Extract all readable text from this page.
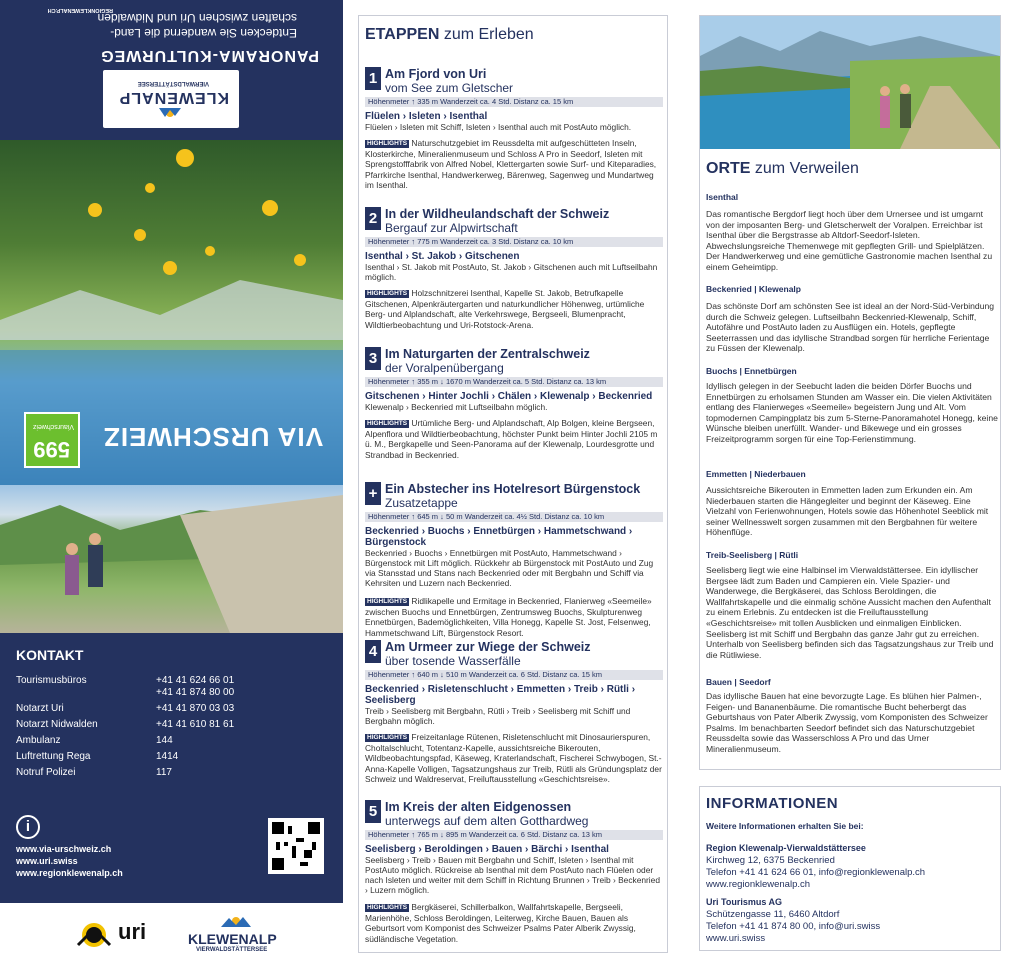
Entdecken Sie wandernd die Land-
schaften zwischen Uri und Nidwalden
PANORAMA-KULTURWEG
REGIONKLEWENALP.CH
KLEWENALP
VIERWALDSTÄTTERSEE
VIA URSCHWEIZ
599
Viaurschweiz
KONTAKT
Tourismusbüros	+41 41 624 66 01
+41 41 874 80 00
Notarzt Uri	+41 41 870 03 03
Notarzt Nidwalden	+41 41 610 81 61
Ambulanz	144
Luftrettung Rega	1414
Notruf Polizei	117
i
www.via-urschweiz.ch
www.uri.swiss
www.regionklewenalp.ch
uri	KLEWENALP
VIERWALDSTÄTTERSEE
ETAPPEN zum Erleben
1 Am Fjord von Uri
vom See zum Gletscher
Höhenmeter ↑ 335 m Wanderzeit ca. 4 Std. Distanz ca. 15 km
Flüelen › Isleten › Isenthal
Flüelen › Isleten mit Schiff, Isleten › Isenthal auch mit PostAuto möglich.
HIGHLIGHTS Naturschutzgebiet im Reussdelta mit aufgeschütteten Inseln, Klosterkirche, Mineralienmuseum und Schloss A Pro in Seedorf, Isleten mit Sprengstofffabrik von Alfred Nobel, Klettergarten sowie Surf- und Kiteparadies, Pfarrkirche Isenthal, Handwerkerweg, Bärenweg, Sagenweg und Mundartweg im Isenthal.
2 In der Wildheulandschaft der Schweiz
Bergauf zur Alpwirtschaft
Höhenmeter ↑ 775 m Wanderzeit ca. 3 Std. Distanz ca. 10 km
Isenthal › St. Jakob › Gitschenen
Isenthal › St. Jakob mit PostAuto, St. Jakob › Gitschenen auch mit Luftseilbahn möglich.
HIGHLIGHTS Holzschnitzerei Isenthal, Kapelle St. Jakob, Betrufkapelle Gitschenen, Alpenkräutergarten und naturkundlicher Höhenweg, urtümliche Berg- und Alplandschaft, alte Verkehrswege, Bergseeli, Blumenpracht, Wildtierbeobachtung und Uri-Rotstock-Arena.
3 Im Naturgarten der Zentralschweiz
der Voralpenübergang
Höhenmeter ↑ 355 m ↓ 1670 m Wanderzeit ca. 5 Std. Distanz ca. 13 km
Gitschenen › Hinter Jochli › Chälen › Klewenalp › Beckenried
Klewenalp › Beckenried mit Luftseilbahn möglich.
HIGHLIGHTS Urtümliche Berg- und Alplandschaft, Alp Bolgen, kleine Bergseen, Alpenflora und Wildtierbeobachtung, höchster Punkt beim Hinter Jochli 2105 m ü. M., Bergkapelle und Seen-Panorama auf der Klewenalp, Lourdesgrotte und Strandbad in Beckenried.
+ Ein Abstecher ins Hotelresort Bürgenstock
Zusatzetappe
Höhenmeter ↑ 645 m ↓ 50 m Wanderzeit ca. 4½ Std. Distanz ca. 10 km
Beckenried › Buochs › Ennetbürgen › Hammetschwand › Bürgenstock
Beckenried › Buochs › Ennetbürgen mit PostAuto, Hammetschwand › Bürgenstock mit Lift möglich. Rückkehr ab Bürgenstock mit PostAuto und Zug via Stansstad und Stans nach Beckenried oder mit Bergbahn und Schiff via Kehrsiten und Luzern nach Beckenried.
HIGHLIGHTS Ridlikapelle und Ermitage in Beckenried, Flanierweg «Seemeile» zwischen Buochs und Ennetbürgen, Zentrumsweg Buochs, Skulpturenweg Ennetbürgen, Bademöglichkeiten, Villa Honegg, Kapelle St. Jost, Felsenweg, Hammetschwand Lift, Bürgenstock Resort.
4 Am Urmeer zur Wiege der Schweiz
über tosende Wasserfälle
Höhenmeter ↑ 640 m ↓ 510 m Wanderzeit ca. 6 Std. Distanz ca. 15 km
Beckenried › Risletenschlucht › Emmetten › Treib › Rütli › Seelisberg
Treib › Seelisberg mit Bergbahn, Rütli › Treib › Seelisberg mit Schiff und Bergbahn möglich.
HIGHLIGHTS Freizeitanlage Rütenen, Risletenschlucht mit Dinosaurierspuren, Choltalschlucht, Totentanz-Kapelle, aussichtsreiche Bikerouten, Wildbeobachtungspfad, Käseweg, Kraterlandschaft, Fischerei Schwybogen, St.-Anna-Kapelle Volligen, Tagsatzungshaus zur Treib, Rütli als Gründungsplatz der Schweiz und Waldreservat, Freiluftausstellung «Geschichtsreise».
5 Im Kreis der alten Eidgenossen
unterwegs auf dem alten Gotthardweg
Höhenmeter ↑ 765 m ↓ 895 m Wanderzeit ca. 6 Std. Distanz ca. 13 km
Seelisberg › Beroldingen › Bauen › Bärchi › Isenthal
Seelisberg › Treib › Bauen mit Bergbahn und Schiff, Isleten › Isenthal mit PostAuto möglich. Rückreise ab Isenthal mit dem PostAuto nach Flüelen oder nach Isleten und weiter mit dem Schiff in Richtung Brunnen › Treib › Beckenried › Luzern möglich.
HIGHLIGHTS Bergkäserei, Schillerbalkon, Wallfahrtskapelle, Bergseeli, Marienhöhe, Schloss Beroldingen, Leiterweg, Kirche Bauen, Bauen als Geburtsort vom Komponist des Schweizer Psalms Pater Alberik Zwyssig, südländische Vegetation.
ORTE zum Verweilen
Isenthal
Das romantische Bergdorf liegt hoch über dem Urnersee und ist umgarnt von der imposanten Berg- und Gletscherwelt der Voralpen. Erreichbar ist Isenthal über die Bergstrasse ab Altdorf-Seedorf-Isleten. Abwechslungsreiche Themenwege mit gepflegten Grill- und Spielplätzen. Der Handwerkerweg und eine gemütliche Gastronomie machen Isenthal zu einem Geheimtipp.
Beckenried | Klewenalp
Das schönste Dorf am schönsten See ist ideal an der Nord-Süd-Verbindung durch die Schweiz gelegen. Luftseilbahn Beckenried-Klewenalp, Schiff, Autofähre und PostAuto laden zu Ausflügen ein. Hotels, gepflegte Seeterrassen und das idyllische Strandbad sorgen für herrliche Ferientage zu Füssen der Klewenalp.
Buochs | Ennetbürgen
Idyllisch gelegen in der Seebucht laden die beiden Dörfer Buochs und Ennetbürgen zu erholsamen Stunden am Wasser ein. Die vielen Aktivitäten entlang des Flanierweges «Seemeile» begeistern Jung und Alt. Vom topmodernen Campingplatz bis zum 5-Sterne-Panoramahotel Honegg, keine Wünsche bleiben unerfüllt. Wander- und Bikewege und ein grosses Freizeitprogramm sorgen für eine Top-Ferienstimmung.
Emmetten | Niederbauen
Aussichtsreiche Bikerouten in Emmetten laden zum Erkunden ein. Am Niederbauen starten die Hängegleiter und beginnt der Käseweg. Eine Vielzahl von Ferienwohnungen, Hotels sowie das Höhenhotel Seeblick mit seiner Wellnesswelt sorgen zusammen mit den Bergbahnen für weitere Höhenflüge.
Treib-Seelisberg | Rütli
Seelisberg liegt wie eine Halbinsel im Vierwaldstättersee. Ein idyllischer Bergsee lädt zum Baden und Campieren ein. Viele Spazier- und Wanderwege, die Bergkäserei, das Schloss Beroldingen, die Wallfahrtskapelle und die einmalig schöne Aussicht machen den Aufenthalt zu einem Erlebnis. Zu entdecken ist die Freiluftausstellung «Geschichtsreise» mit tollen Ausblicken und einmaligen Einblicken. Seelisberg ist mit Schiff und Bergbahn das ganze Jahr gut zu erreichen. Unterhalb von Seelisberg befinden sich das Tagsatzungshaus zur Treib und die Rütliwiese.
Bauen | Seedorf
Das idyllische Bauen hat eine bevorzugte Lage. Es blühen hier Palmen-, Feigen- und Bananenbäume. Die romantische Bucht beherbergt das Geburtshaus von Pater Alberik Zwyssig, vom Komponisten des Schweizer Psalms. Im benachbarten Seedorf befindet sich das Naturschutzgebiet Reussdelta sowie das Wasserschloss A Pro und das Urner Mineralienmuseum.
INFORMATIONEN
Weitere Informationen erhalten Sie bei:
Region Klewenalp-Vierwaldstättersee
Kirchweg 12, 6375 Beckenried
Telefon +41 41 624 66 01, info@regionklewenalp.ch
www.regionklewenalp.ch
Uri Tourismus AG
Schützengasse 11, 6460 Altdorf
Telefon +41 41 874 80 00, info@uri.swiss
www.uri.swiss
